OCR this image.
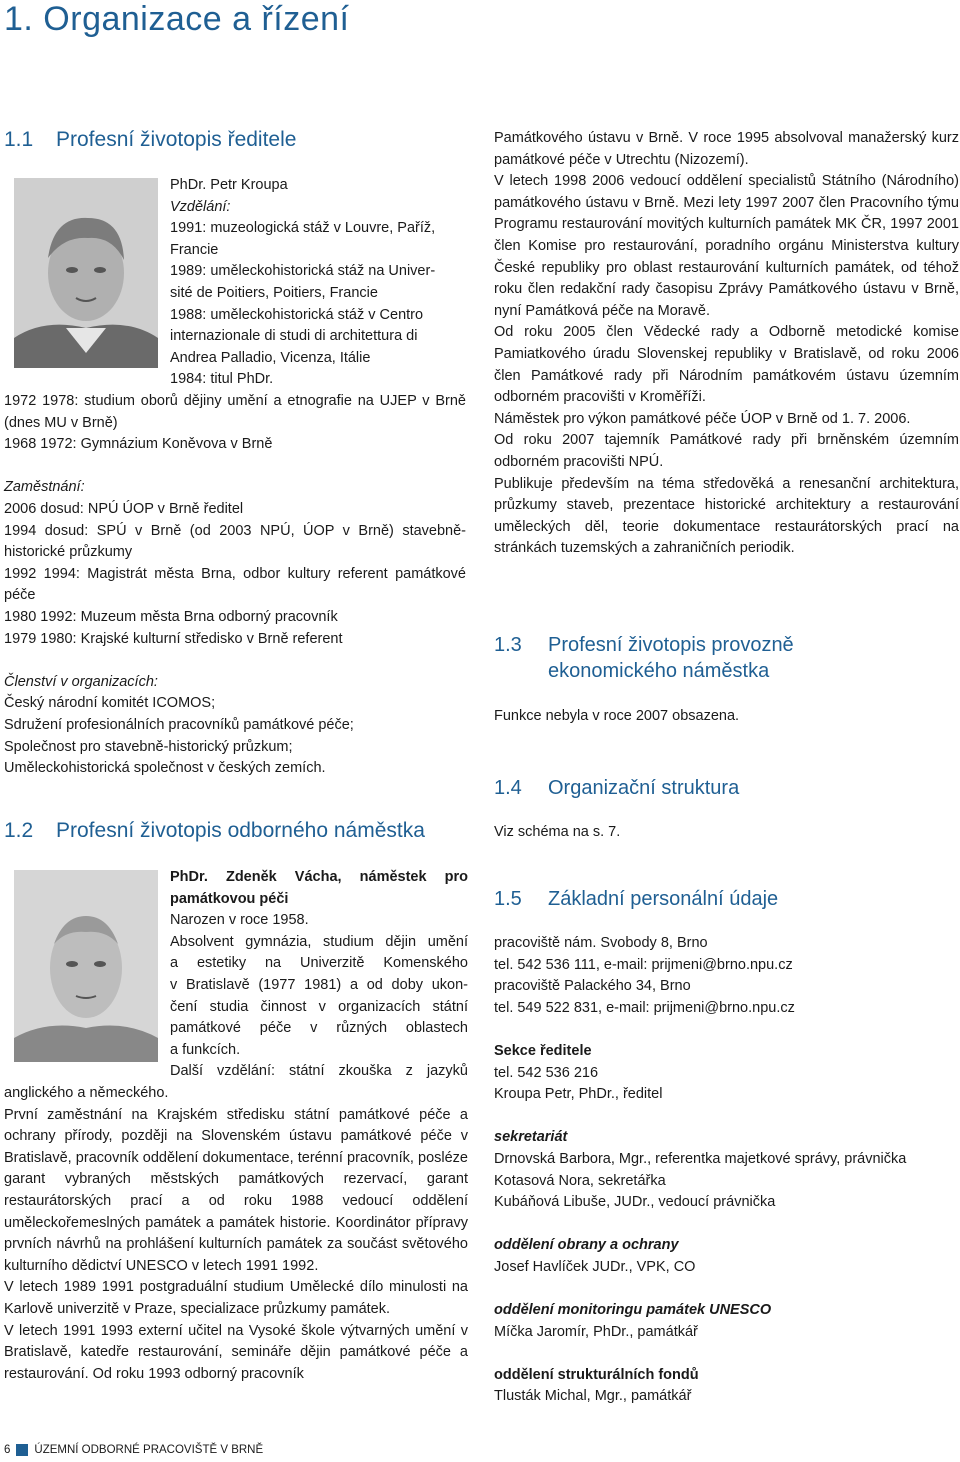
1. Organizace a řízení
1.1 Profesní životopis ředitele

PhDr. Petr Kroupa

Vzdělání:

1991: muzeologická stáž v Louvre, Paříž,

Francie

1989: uměleckohistorická stáž na Univer-

sité de Poitiers, Poitiers, Francie

1988: uměleckohistorická stáž v Centro

internazionale di studi di architettura di

Andrea Palladio, Vicenza, Itálie

1984: titul PhDr.

1972 1978: studium oborů dějiny umění a etnografie na UJEP v Brně (dnes MU v Brně)

1968 1972: Gymnázium Koněvova v Brně

Zaměstnání:

2006 dosud: NPÚ ÚOP v Brně ředitel

1994 dosud: SPÚ v Brně (od 2003 NPÚ, ÚOP v Brně) stavebně-historické průzkumy

1992 1994: Magistrát města Brna, odbor kultury referent památkové péče

1980 1992: Muzeum města Brna odborný pracovník

1979 1980: Krajské kulturní středisko v Brně referent

Členství v organizacích:

Český národní komitét ICOMOS;

Sdružení profesionálních pracovníků památkové péče;

Společnost pro stavebně-historický průzkum;

Uměleckohistorická společnost v českých zemích.

1.2 Profesní životopis odborného náměstka

PhDr. Zdeněk Vácha, náměstek pro

památkovou péči

Narozen v roce 1958.

Absolvent gymnázia, studium dějin umění

a estetiky na Univerzitě Komenského

v Bratislavě (1977 1981) a od doby ukon-

čení studia činnost v organizacích státní

památkové péče v různých oblastech

a funkcích.

Další vzdělání: státní zkouška z jazyků

anglického a německého.

První zaměstnání na Krajském středisku státní památkové péče a ochrany přírody, později na Slovenském ústavu památkové péče v Bratislavě, pracovník oddělení dokumentace, terénní pracovník, posléze garant vybraných městských památkových rezervací, garant restaurátorských prací a od roku 1988 vedoucí oddělení uměleckořemeslných památek a památek historie. Koordinátor přípravy prvních návrhů na prohlášení kulturních památek za součást světového kulturního dědictví UNESCO v letech 1991 1992.

V letech 1989 1991 postgraduální studium Umělecké dílo minulosti na Karlově univerzitě v Praze, specializace průzkumy památek.

V letech 1991 1993 externí učitel na Vysoké škole výtvarných umění v Bratislavě, katedře restaurování, semináře dějin památkové péče a restaurování. Od roku 1993 odborný pracovník

Památkového ústavu v Brně. V roce 1995 absolvoval manažerský kurz památkové péče v Utrechtu (Nizozemí).

V letech 1998 2006 vedoucí oddělení specialistů Státního (Národního) památkového ústavu v Brně. Mezi lety 1997 2007 člen Pracovního týmu Programu restaurování movitých kulturních památek MK ČR, 1997 2001 člen Komise pro restaurování, poradního orgánu Ministerstva kultury České republiky pro oblast restaurování kulturních památek, od téhož roku člen redakční rady časopisu Zprávy Památkového ústavu v Brně, nyní Památková péče na Moravě.

Od roku 2005 člen Vědecké rady a Odborně metodické komise Pamiatkového úradu Slovenskej republiky v Bratislavě, od roku 2006 člen Památkové rady při Národním památkovém ústavu územním odborném pracovišti v Kroměříži.

Náměstek pro výkon památkové péče ÚOP v Brně od 1. 7. 2006.

Od roku 2007 tajemník Památkové rady při brněnském územním odborném pracovišti NPÚ.

Publikuje především na téma středověká a renesanční architektura, průzkumy staveb, prezentace historické architektury a restaurování uměleckých děl, teorie dokumentace restaurátorských prací na stránkách tuzemských a zahraničních periodik.

1.3 Profesní životopis provozně
ekonomického náměstka
Funkce nebyla v roce 2007 obsazena.
1.4 Organizační struktura
Viz schéma na s. 7.
1.5 Základní personální údaje

pracoviště nám. Svobody 8, Brno

tel. 542 536 111, e-mail: prijmeni@brno.npu.cz

pracoviště Palackého 34, Brno

tel. 549 522 831, e-mail: prijmeni@brno.npu.cz

Sekce ředitele

tel. 542 536 216

Kroupa Petr, PhDr., ředitel

sekretariát

Drnovská Barbora, Mgr., referentka majetkové správy, právnička

Kotasová Nora, sekretářka

Kubáňová Libuše, JUDr., vedoucí právnička

oddělení obrany a ochrany

Josef Havlíček JUDr., VPK, CO

oddělení monitoringu památek UNESCO

Míčka Jaromír, PhDr., památkář

oddělení strukturálních fondů

Tlusták Michal, Mgr., památkář

6 ÚZEMNÍ ODBORNÉ PRACOVIŠTĚ V BRNĚ
